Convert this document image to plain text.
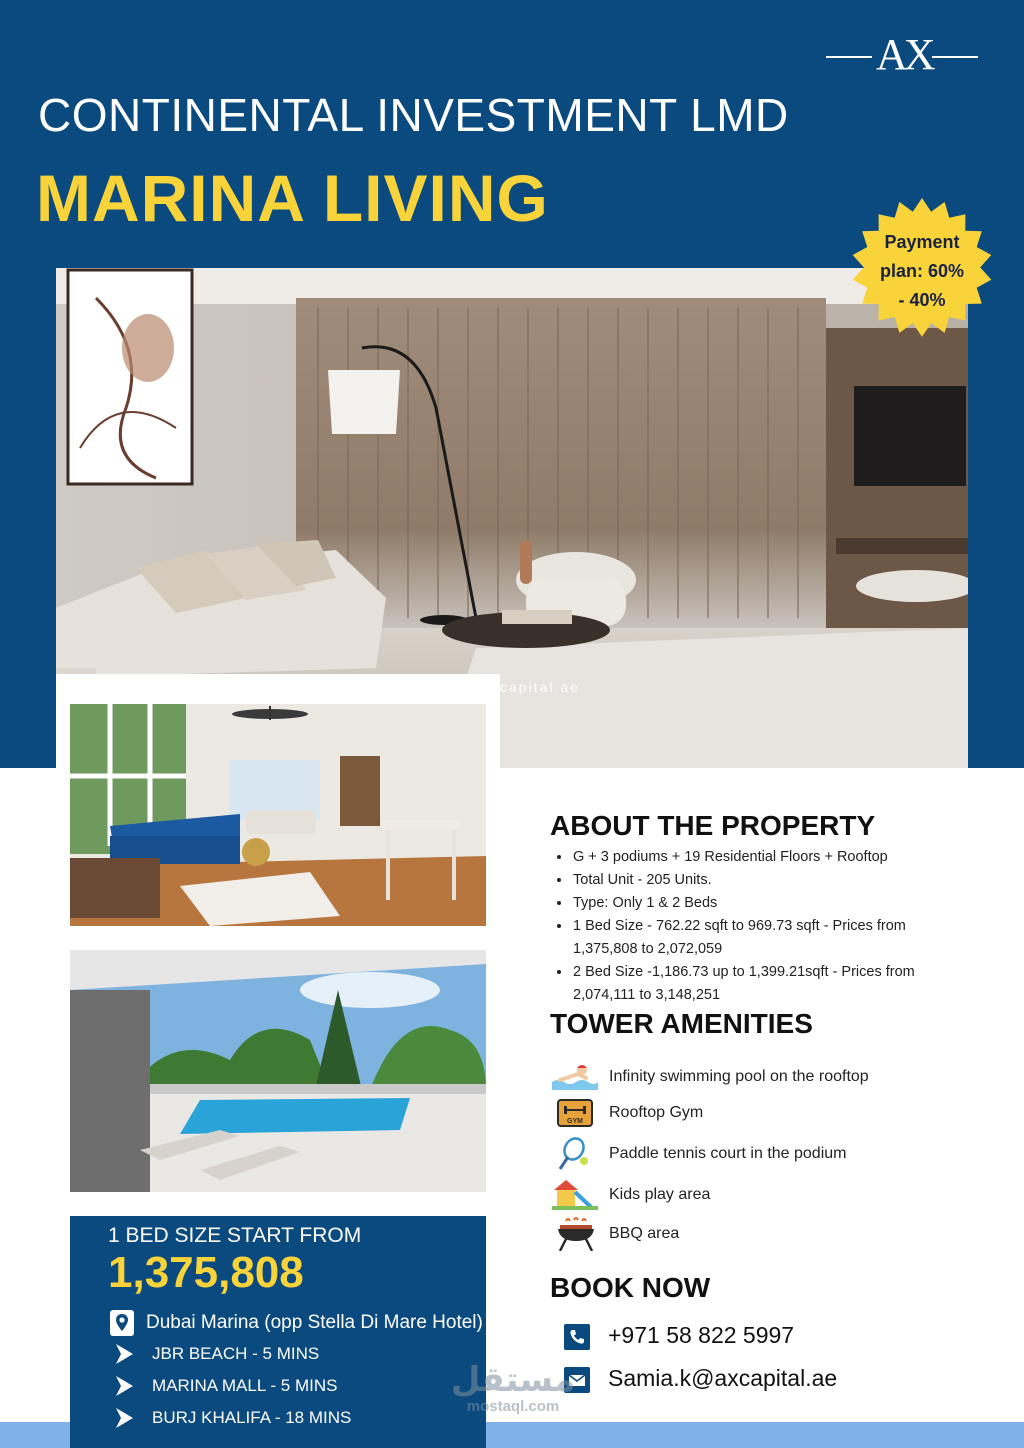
AX
CONTINENTAL INVESTMENT LMD
MARINA LIVING
capital.ae
1 BED SIZE START FROM
1,375,808
Dubai Marina (opp Stella Di Mare Hotel)
JBR BEACH - 5 MINS
MARINA MALL - 5 MINS
BURJ KHALIFA - 18 MINS
Payment
plan: 60%
- 40%
ABOUT THE PROPERTY
• G + 3 podiums + 19 Residential Floors + Rooftop
• Total Unit - 205 Units.
• Type: Only 1 & 2 Beds
• 1 Bed Size - 762.22 sqft to 969.73 sqft - Prices from 1,375,808 to 2,072,059
• 2 Bed Size -1,186.73 up to 1,399.21sqft - Prices from 2,074,111 to 3,148,251
TOWER AMENITIES
Infinity swimming pool on the rooftop
GYM
Rooftop Gym
Paddle tennis court in the podium
Kids play area
BBQ area
BOOK NOW
+971 58 822 5997
Samia.k@axcapital.ae
مستقل
mostaql.com
